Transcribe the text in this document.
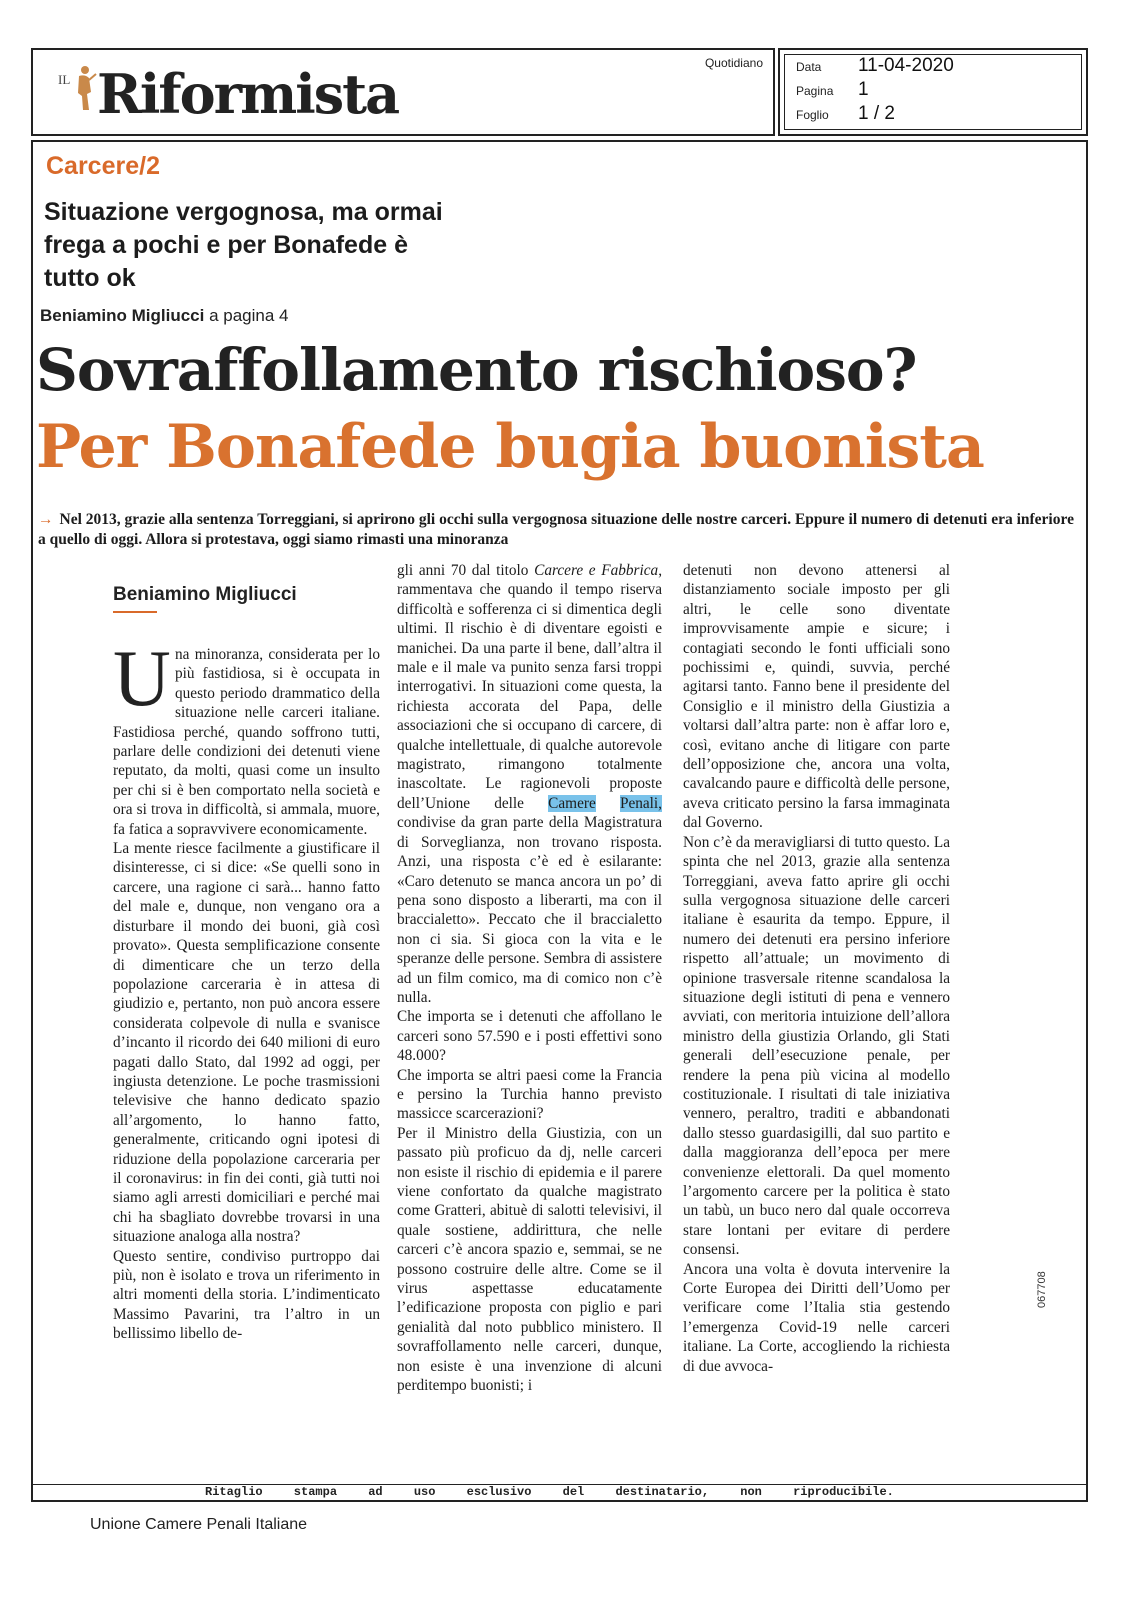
IL Riformista	Quotidiano	Data 11-04-2020
Pagina 1
Foglio 1 / 2
Carcere/2
Situazione vergognosa, ma ormai frega a pochi e per Bonafede è tutto ok
Beniamino Migliucci a pagina 4
Sovraffollamento rischioso?
Per Bonafede bugia buonista
→ Nel 2013, grazie alla sentenza Torreggiani, si aprirono gli occhi sulla vergognosa situazione delle nostre carceri. Eppure il numero di detenuti era inferiore a quello di oggi. Allora si protestava, oggi siamo rimasti una minoranza
Beniamino Migliucci
U na minoranza, considerata per lo più fastidiosa, si è occupata in questo periodo drammatico della situazione nelle carceri italiane. Fastidiosa perché, quando soffrono tutti, parlare delle condizioni dei detenuti viene reputato, da molti, quasi come un insulto per chi si è ben comportato nella società e ora si trova in difficoltà, si ammala, muore, fa fatica a sopravvivere economicamente.

La mente riesce facilmente a giustificare il disinteresse, ci si dice: «Se quelli sono in carcere, una ragione ci sarà... hanno fatto del male e, dunque, non vengano ora a disturbare il mondo dei buoni, già così provato». Questa semplificazione consente di dimenticare che un terzo della popolazione carceraria è in attesa di giudizio e, pertanto, non può ancora essere considerata colpevole di nulla e svanisce d’incanto il ricordo dei 640 milioni di euro pagati dallo Stato, dal 1992 ad oggi, per ingiusta detenzione. Le poche trasmissioni televisive che hanno dedicato spazio all’argomento, lo hanno fatto, generalmente, criticando ogni ipotesi di riduzione della popolazione carceraria per il coronavirus: in fin dei conti, già tutti noi siamo agli arresti domiciliari e perché mai chi ha sbagliato dovrebbe trovarsi in una situazione analoga alla nostra?

Questo sentire, condiviso purtroppo dai più, non è isolato e trova un riferimento in altri momenti della storia. L’indimenticato Massimo Pavarini, tra l’altro in un bellissimo libello de-

gli anni 70 dal titolo Carcere e Fabbrica, rammentava che quando il tempo riserva difficoltà e sofferenza ci si dimentica degli ultimi. Il rischio è di diventare egoisti e manichei. Da una parte il bene, dall’altra il male e il male va punito senza farsi troppi interrogativi. In situazioni come questa, la richiesta accorata del Papa, delle associazioni che si occupano di carcere, di qualche intellettuale, di qualche autorevole magistrato, rimangono totalmente inascoltate. Le ragionevoli proposte dell’Unione delle Camere Penali, condivise da gran parte della Magistratura di Sorveglianza, non trovano risposta. Anzi, una risposta c’è ed è esilarante: «Caro detenuto se manca ancora un po’ di pena sono disposto a liberarti, ma con il braccialetto». Peccato che il braccialetto non ci sia. Si gioca con la vita e le speranze delle persone. Sembra di assistere ad un film comico, ma di comico non c’è nulla.

Che importa se i detenuti che affollano le carceri sono 57.590 e i posti effettivi sono 48.000?

Che importa se altri paesi come la Francia e persino la Turchia hanno previsto massicce scarcerazioni?

Per il Ministro della Giustizia, con un passato più proficuo da dj, nelle carceri non esiste il rischio di epidemia e il parere viene confortato da qualche magistrato come Gratteri, abituè di salotti televisivi, il quale sostiene, addirittura, che nelle carceri c’è ancora spazio e, semmai, se ne possono costruire delle altre. Come se il virus aspettasse educatamente l’edificazione proposta con piglio e pari genialità dal noto pubblico ministero. Il sovraffollamento nelle carceri, dunque, non esiste è una invenzione di alcuni perditempo buonisti; i

detenuti non devono attenersi al distanziamento sociale imposto per gli altri, le celle sono diventate improvvisamente ampie e sicure; i contagiati secondo le fonti ufficiali sono pochissimi e, quindi, suvvia, perché agitarsi tanto. Fanno bene il presidente del Consiglio e il ministro della Giustizia a voltarsi dall’altra parte: non è affar loro e, così, evitano anche di litigare con parte dell’opposizione che, ancora una volta, cavalcando paure e difficoltà delle persone, aveva criticato persino la farsa immaginata dal Governo.

Non c’è da meravigliarsi di tutto questo. La spinta che nel 2013, grazie alla sentenza Torreggiani, aveva fatto aprire gli occhi sulla vergognosa situazione delle carceri italiane è esaurita da tempo. Eppure, il numero dei detenuti era persino inferiore rispetto all’attuale; un movimento di opinione trasversale ritenne scandalosa la situazione degli istituti di pena e vennero avviati, con meritoria intuizione dell’allora ministro della giustizia Orlando, gli Stati generali dell’esecuzione penale, per rendere la pena più vicina al modello costituzionale. I risultati di tale iniziativa vennero, peraltro, traditi e abbandonati dallo stesso guardasigilli, dal suo partito e dalla maggioranza dell’epoca per mere convenienze elettorali. Da quel momento l’argomento carcere per la politica è stato un tabù, un buco nero dal quale occorreva stare lontani per evitare di perdere consensi.

Ancora una volta è dovuta intervenire la Corte Europea dei Diritti dell’Uomo per verificare come l’Italia stia gestendo l’emergenza Covid-19 nelle carceri italiane. La Corte, accogliendo la richiesta di due avvoca-

067708
Ritaglio stampa ad uso esclusivo del destinatario, non riproducibile.
Unione Camere Penali Italiane
